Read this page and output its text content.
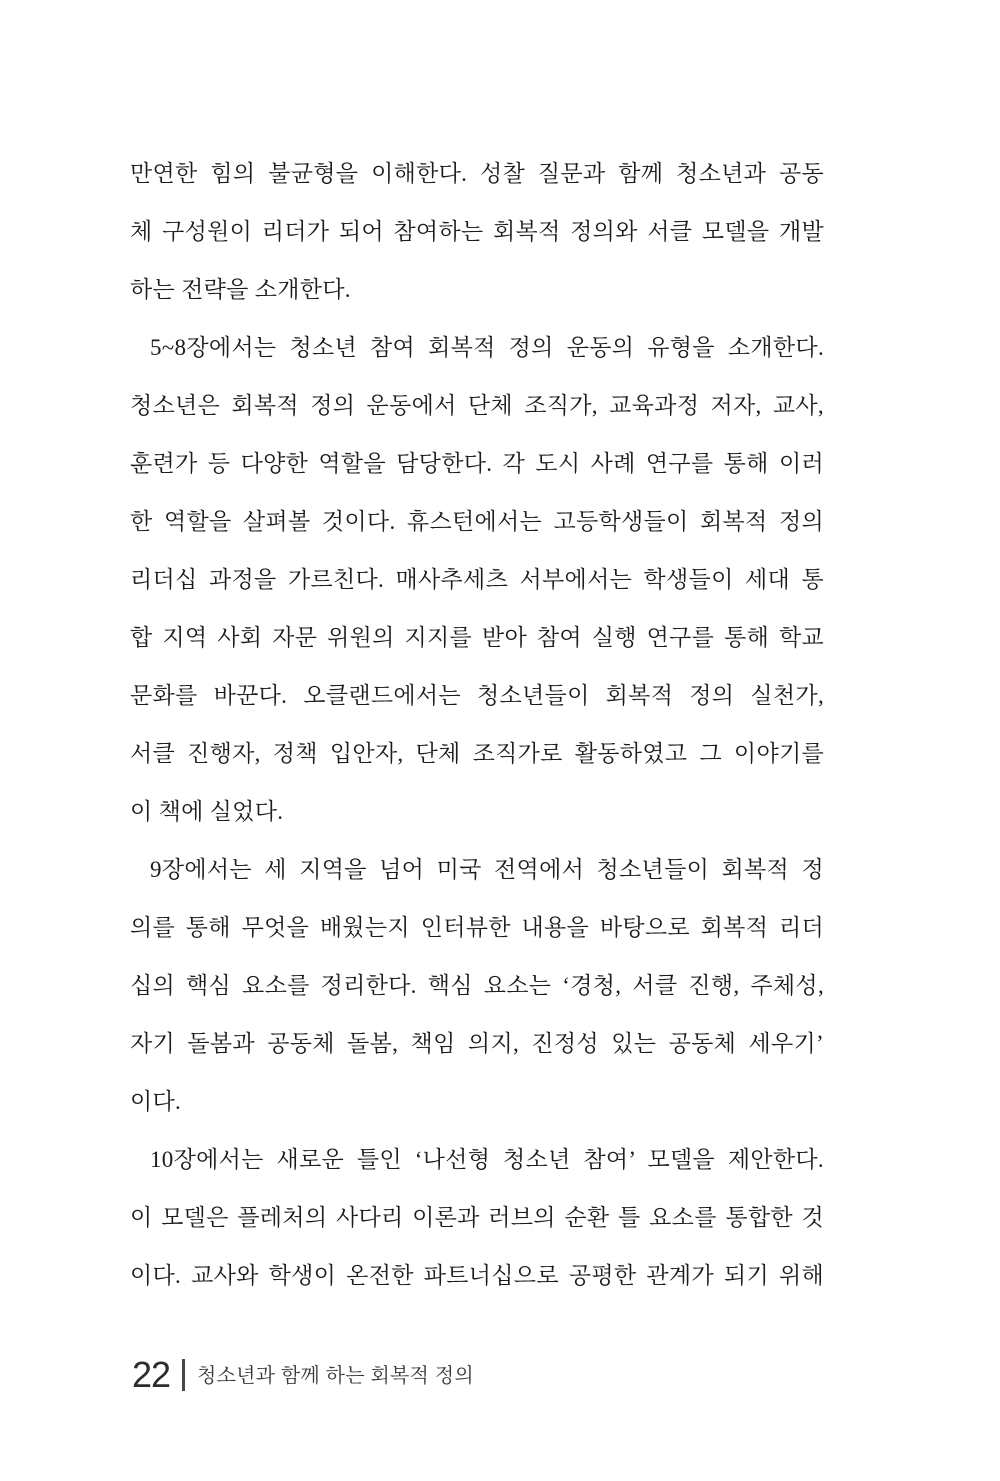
만연한 힘의 불균형을 이해한다. 성찰 질문과 함께 청소년과 공동
체 구성원이 리더가 되어 참여하는 회복적 정의와 서클 모델을 개발
하는 전략을 소개한다.
5~8장에서는 청소년 참여 회복적 정의 운동의 유형을 소개한다.
청소년은 회복적 정의 운동에서 단체 조직가, 교육과정 저자, 교사,
훈련가 등 다양한 역할을 담당한다. 각 도시 사례 연구를 통해 이러
한 역할을 살펴볼 것이다. 휴스턴에서는 고등학생들이 회복적 정의
리더십 과정을 가르친다. 매사추세츠 서부에서는 학생들이 세대 통
합 지역 사회 자문 위원의 지지를 받아 참여 실행 연구를 통해 학교
문화를 바꾼다. 오클랜드에서는 청소년들이 회복적 정의 실천가,
서클 진행자, 정책 입안자, 단체 조직가로 활동하였고 그 이야기를
이 책에 실었다.
9장에서는 세 지역을 넘어 미국 전역에서 청소년들이 회복적 정
의를 통해 무엇을 배웠는지 인터뷰한 내용을 바탕으로 회복적 리더
십의 핵심 요소를 정리한다. 핵심 요소는 ‘경청, 서클 진행, 주체성,
자기 돌봄과 공동체 돌봄, 책임 의지, 진정성 있는 공동체 세우기’
이다.
10장에서는 새로운 틀인 ‘나선형 청소년 참여’ 모델을 제안한다.
이 모델은 플레처의 사다리 이론과 러브의 순환 틀 요소를 통합한 것
이다. 교사와 학생이 온전한 파트너십으로 공평한 관계가 되기 위해
22 청소년과 함께 하는 회복적 정의
